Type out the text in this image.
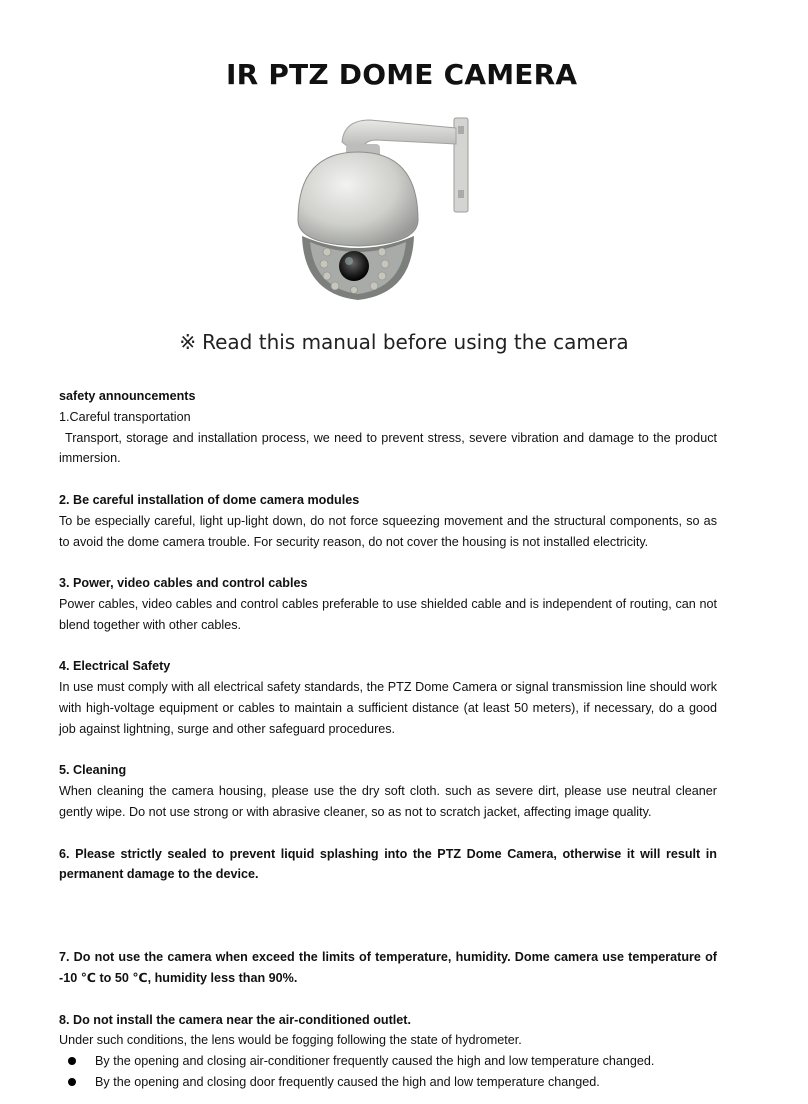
IR PTZ DOME CAMERA
※ Read this manual before using the camera

safety announcements

1.Careful transportation

Transport, storage and installation process, we need to prevent stress, severe vibration and damage to the product immersion.

2. Be careful installation of dome camera modules

To be especially careful, light up-light down, do not force squeezing movement and the structural components, so as to avoid the dome camera trouble. For security reason, do not cover the housing is not installed electricity.

3. Power, video cables and control cables

Power cables, video cables and control cables preferable to use shielded cable and is independent of routing, can not blend together with other cables.

4. Electrical Safety

In use must comply with all electrical safety standards, the PTZ Dome Camera or signal transmission line should work with high-voltage equipment or cables to maintain a sufficient distance (at least 50 meters), if necessary, do a good job against lightning, surge and other safeguard procedures.

5. Cleaning

When cleaning the camera housing, please use the dry soft cloth. such as severe dirt, please use neutral cleaner gently wipe. Do not use strong or with abrasive cleaner, so as not to scratch jacket, affecting image quality.

6. Please strictly sealed to prevent liquid splashing into the PTZ Dome Camera, otherwise it will result in permanent damage to the device.

7. Do not use the camera when exceed the limits of temperature, humidity. Dome camera use temperature of -10 ℃ to 50 ℃, humidity less than 90%.

8. Do not install the camera near the air-conditioned outlet.

Under such conditions, the lens would be fogging following the state of hydrometer.

By the opening and closing air-conditioner frequently caused the high and low temperature changed.
By the opening and closing door frequently caused the high and low temperature changed.
